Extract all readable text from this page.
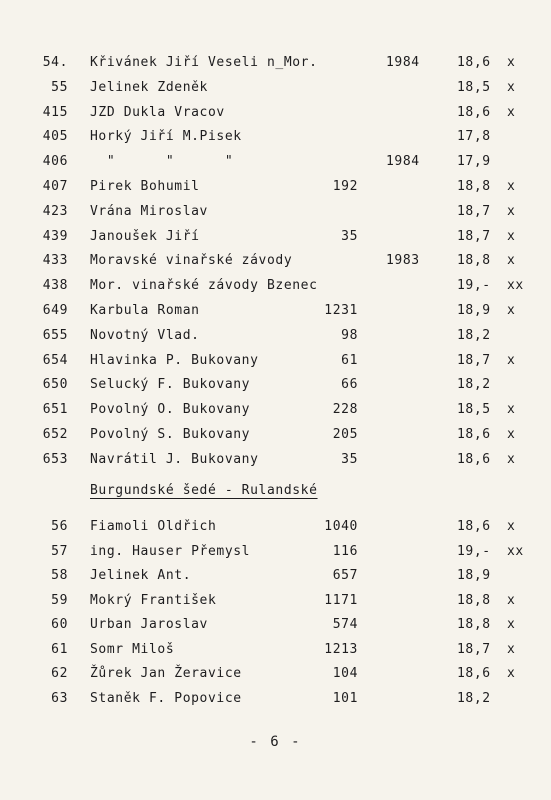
54. Křivánek Jiří Veseli n_Mor.	1984	18,6 x
55 Jelinek Zdeněk	18,5 x
415 JZD Dukla Vracov	18,6 x
405 Horký Jiří M.Pisek	17,8
406 "      "      "	1984	17,9
407 Pirek Bohumil	192	18,8 x
423 Vrána Miroslav	18,7 x
439 Janoušek Jiří	35	18,7 x
433 Moravské vinařské závody	1983	18,8 x
438 Mor. vinařské závody Bzenec	19,- xx
649 Karbula Roman	1231	18,9 x
655 Novotný Vlad.	98	18,2
654 Hlavinka P. Bukovany	61	18,7 x
650 Selucký F. Bukovany	66	18,2
651 Povolný O. Bukovany	228	18,5 x
652 Povolný S. Bukovany	205	18,6 x
653 Navrátil J. Bukovany	35	18,6 x
Burgundské šedé - Rulandské
56 Fiamoli Oldřich	1040	18,6 x
57 ing. Hauser Přemysl	116	19,- xx
58 Jelinek Ant.	657	18,9
59 Mokrý František	1171	18,8 x
60 Urban Jaroslav	574	18,8 x
61 Somr Miloš	1213	18,7 x
62 Žůrek Jan Žeravice	104	18,6 x
63 Staněk F. Popovice	101	18,2
- 6 -
